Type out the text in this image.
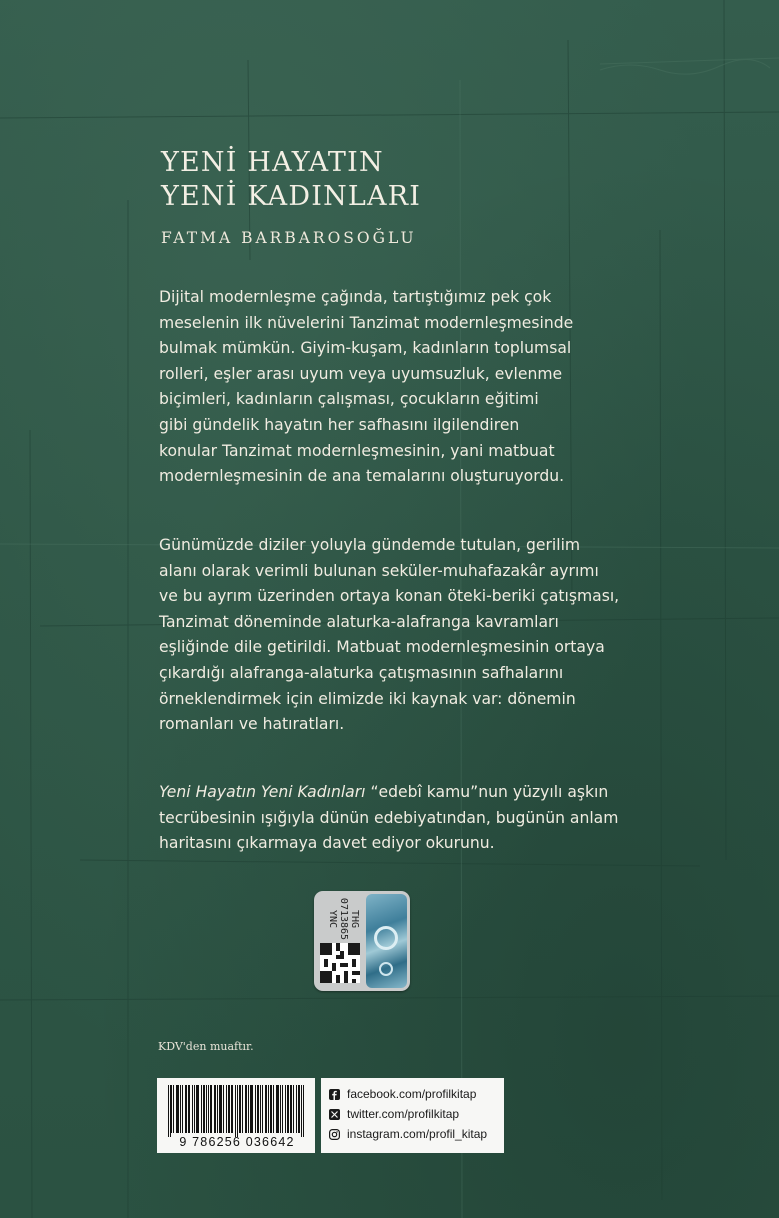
YENİ HAYATIN
YENİ KADINLARI
FATMA BARBAROSOĞLU

Dijital modernleşme çağında, tartıştığımız pek çok
meselenin ilk nüvelerini Tanzimat modernleşmesinde
bulmak mümkün. Giyim-kuşam, kadınların toplumsal
rolleri, eşler arası uyum veya uyumsuzluk, evlenme
biçimleri, kadınların çalışması, çocukların eğitimi
gibi gündelik hayatın her safhasını ilgilendiren
konular Tanzimat modernleşmesinin, yani matbuat
modernleşmesinin de ana temalarını oluşturuyordu.

Günümüzde diziler yoluyla gündemde tutulan, gerilim
alanı olarak verimli bulunan seküler-muhafazakâr ayrımı
ve bu ayrım üzerinden ortaya konan öteki-beriki çatışması,
Tanzimat döneminde alaturka-alafranga kavramları
eşliğinde dile getirildi. Matbuat modernleşmesinin ortaya
çıkardığı alafranga-alaturka çatışmasının safhalarını
örneklendirmek için elimizde iki kaynak var: dönemin
romanları ve hatıratları.

Yeni Hayatın Yeni Kadınları “edebî kamu”nun yüzyılı aşkın
tecrübesinin ışığıyla dünün edebiyatından, bugünün anlam
haritasını çıkarmaya davet ediyor okurunu.

THG
0713865
YNC
KDV'den muaftır.
9 786256 036642
facebook.com/profilkitap
twitter.com/profilkitap
instagram.com/profil_kitap
